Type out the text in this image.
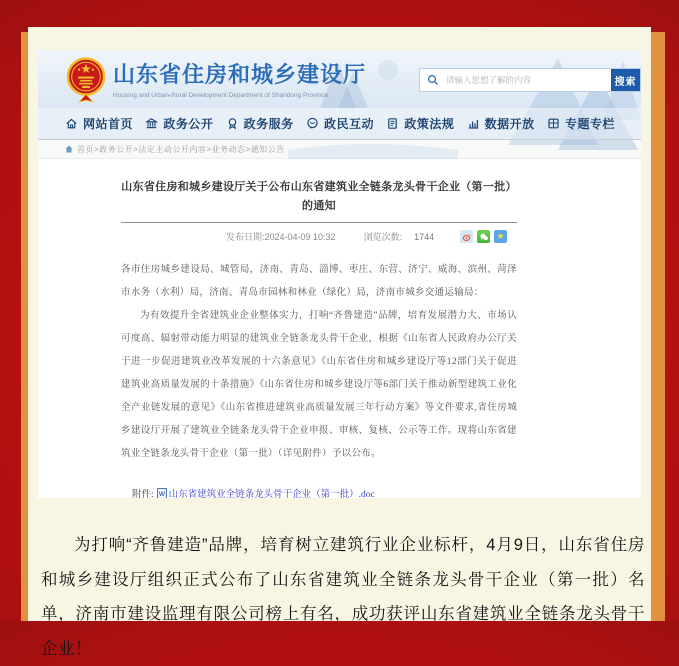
山东省住房和城乡建设厅
Housing and Urban-Rural Development Department of Shandong Province
请输入您想了解的内容
搜索
网站首页	政务公开	政务服务	政民互动	政策法规	数据开放	专题专栏
首页>政务公开>法定主动公开内容>业务动态>通知公告
山东省住房和城乡建设厅关于公布山东省建筑业全链条龙头骨干企业（第一批）的通知
发布日期:2024-04-09 10:32	浏览次数: 1744	★

各市住房城乡建设局、城管局，济南、青岛、淄博、枣庄、东营、济宁、威海、滨州、菏泽市水务（水利）局，济南、青岛市园林和林业（绿化）局，济南市城乡交通运输局：

为有效提升全省建筑业企业整体实力，打响“齐鲁建造”品牌，培育发展潜力大、市场认可度高、辐射带动能力明显的建筑业全链条龙头骨干企业，根据《山东省人民政府办公厅关于进一步促进建筑业改革发展的十六条意见》《山东省住房和城乡建设厅等12部门关于促进建筑业高质量发展的十条措施》《山东省住房和城乡建设厅等6部门关于推动新型建筑工业化全产业链发展的意见》《山东省推进建筑业高质量发展三年行动方案》等文件要求,省住房城乡建设厅开展了建筑业全链条龙头骨干企业申报、审核、复核、公示等工作。现将山东省建筑业全链条龙头骨干企业（第一批）（详见附件）予以公布。

附件: W 山东省建筑业全链条龙头骨干企业（第一批）.doc
为打响“齐鲁建造”品牌，培育树立建筑行业企业标杆，4月9日，山东省住房和城乡建设厅组织正式公布了山东省建筑业全链条龙头骨干企业（第一批）名单，济南市建设监理有限公司榜上有名，成功获评山东省建筑业全链条龙头骨干企业！
